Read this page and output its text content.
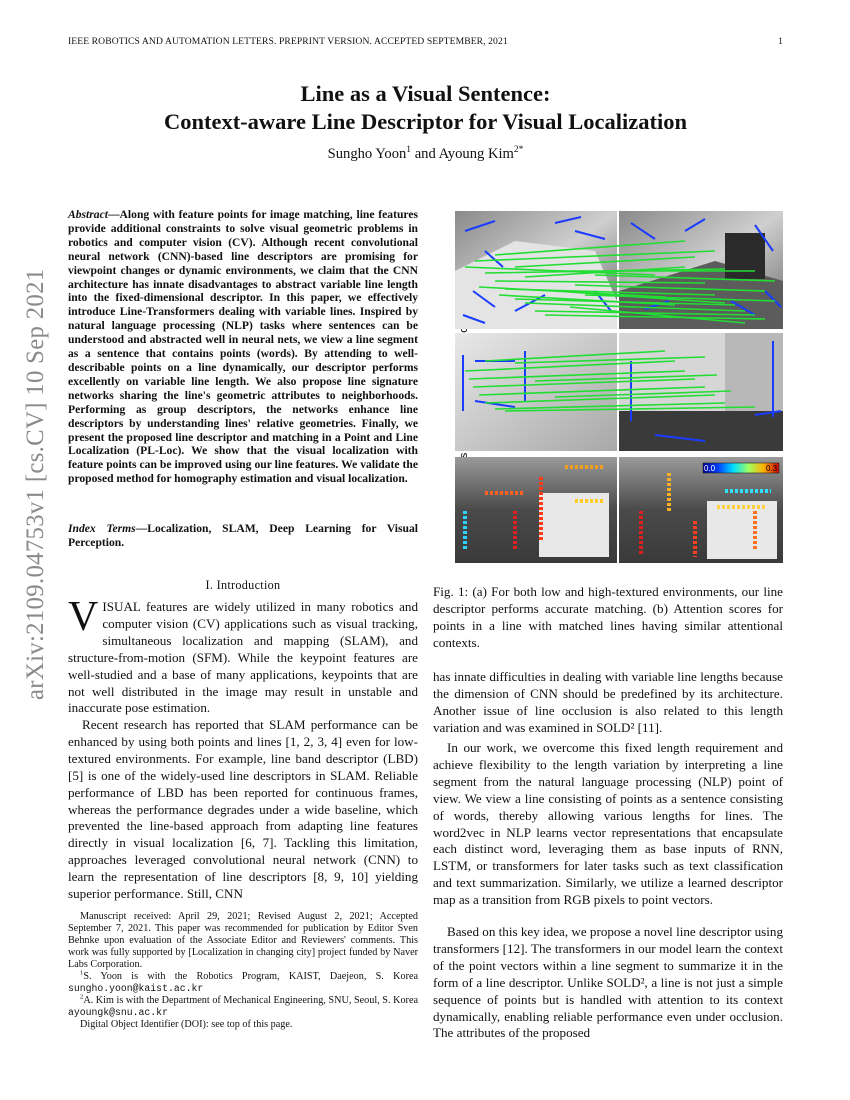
IEEE ROBOTICS AND AUTOMATION LETTERS. PREPRINT VERSION. ACCEPTED SEPTEMBER, 2021	1
arXiv:2109.04753v1 [cs.CV] 10 Sep 2021
Line as a Visual Sentence:
Context-aware Line Descriptor for Visual Localization
Sungho Yoon$^1$ and Ayoung Kim$^{2*}$

Abstract—Along with feature points for image matching, line features provide additional constraints to solve visual geometric problems in robotics and computer vision (CV). Although recent convolutional neural network (CNN)-based line descriptors are promising for viewpoint changes or dynamic environments, we claim that the CNN architecture has innate disadvantages to abstract variable line length into the fixed-dimensional descriptor. In this paper, we effectively introduce Line-Transformers dealing with variable lines. Inspired by natural language processing (NLP) tasks where sentences can be understood and abstracted well in neural nets, we view a line segment as a sentence that contains points (words). By attending to well-describable points on a line dynamically, our descriptor performs excellently on variable line length. We also propose line signature networks sharing the line's geometric attributes to neighborhoods. Performing as group descriptors, the networks enhance line descriptors by understanding lines' relative geometries. Finally, we present the proposed line descriptor and matching in a Point and Line Localization (PL-Loc). We show that the visual localization with feature points can be improved using our line features. We validate the proposed method for homography estimation and visual localization.

Index Terms—Localization, SLAM, Deep Learning for Visual Perception.

I. Introduction

VISUAL features are widely utilized in many robotics and computer vision (CV) applications such as visual tracking, simultaneous localization and mapping (SLAM), and structure-from-motion (SFM). While the keypoint features are well-studied and a base of many applications, keypoints that are not well distributed in the image may result in unstable and inaccurate pose estimation.

Recent research has reported that SLAM performance can be enhanced by using both points and lines [1, 2, 3, 4] even for low-textured environments. For example, line band descriptor (LBD) [5] is one of the widely-used line descriptors in SLAM. Reliable performance of LBD has been reported for continuous frames, whereas the performance degrades under a wide baseline, which prevented the line-based approach from adapting line features directly in visual localization [6, 7]. Tackling this limitation, approaches leveraged convolutional neural network (CNN) to learn the representation of line descriptors [8, 9, 10] yielding superior performance. Still, CNN

Manuscript received: April 29, 2021; Revised August 2, 2021; Accepted September 7, 2021. This paper was recommended for publication by Editor Sven Behnke upon evaluation of the Associate Editor and Reviewers' comments. This work was fully supported by [Localization in changing city] project funded by Naver Labs Corporation.

$^1$S. Yoon is with the Robotics Program, KAIST, Daejeon, S. Korea sungho.yoon@kaist.ac.kr

$^2$A. Kim is with the Department of Mechanical Engineering, SNU, Seoul, S. Korea ayoungk@snu.ac.kr

Digital Object Identifier (DOI): see top of this page.

0.0	0.3

Fig. 1: (a) For both low and high-textured environments, our line descriptor performs accurate matching. (b) Attention scores for points in a line with matched lines having similar attentional contexts.

has innate difficulties in dealing with variable line lengths because the dimension of CNN should be predefined by its architecture. Another issue of line occlusion is also related to this length variation and was examined in SOLD² [11].

In our work, we overcome this fixed length requirement and achieve flexibility to the length variation by interpreting a line segment from the natural language processing (NLP) point of view. We view a line consisting of points as a sentence consisting of words, thereby allowing various lengths for lines. The word2vec in NLP learns vector representations that encapsulate each distinct word, leveraging them as base inputs of RNN, LSTM, or transformers for later tasks such as text classification and text summarization. Similarly, we utilize a learned descriptor map as a transition from RGB pixels to point vectors.

Based on this key idea, we propose a novel line descriptor using transformers [12]. The transformers in our model learn the context of the point vectors within a line segment to summarize it in the form of a line descriptor. Unlike SOLD², a line is not just a simple sequence of points but is handled with attention to its context dynamically, enabling reliable performance even under occlusion. The attributes of the proposed
